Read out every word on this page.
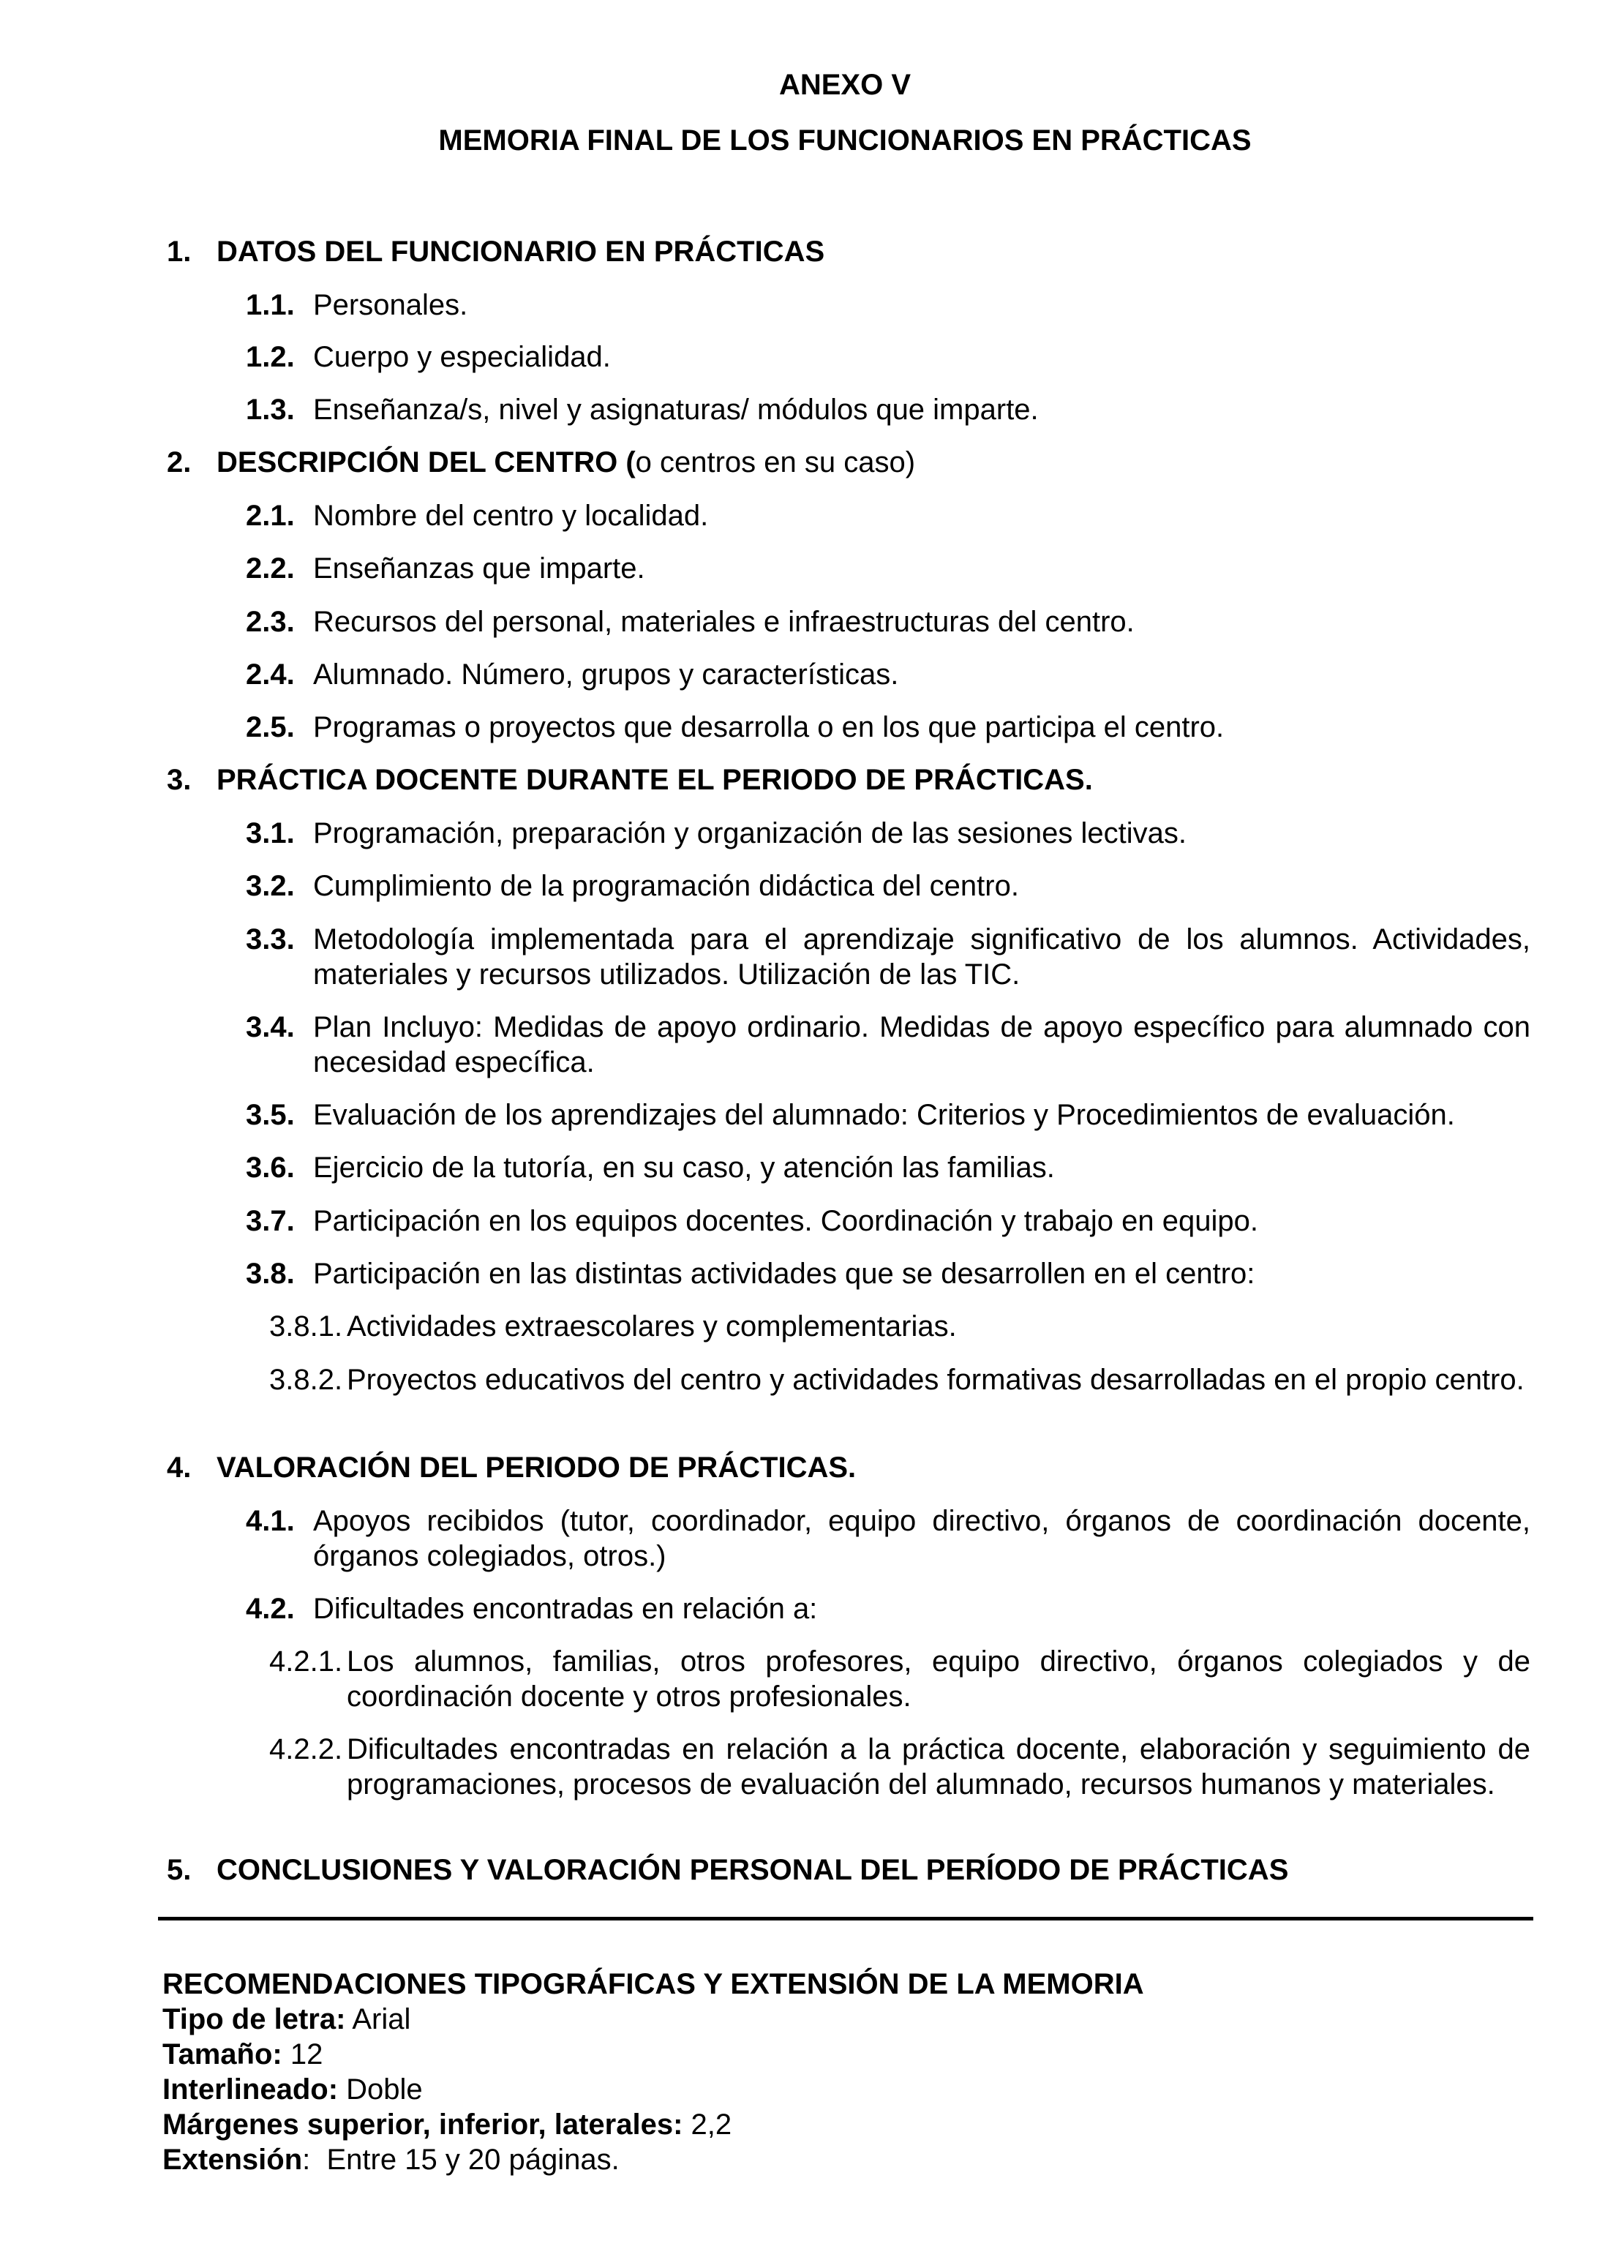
ANEXO V
MEMORIA FINAL DE LOS FUNCIONARIOS EN PRÁCTICAS
1. DATOS DEL FUNCIONARIO EN PRÁCTICAS
1.1. Personales.
1.2. Cuerpo y especialidad.
1.3. Enseñanza/s, nivel y asignaturas/ módulos que imparte.
2. DESCRIPCIÓN DEL CENTRO (o centros en su caso)
2.1. Nombre del centro y localidad.
2.2. Enseñanzas que imparte.
2.3. Recursos del personal, materiales e infraestructuras del centro.
2.4. Alumnado. Número, grupos y características.
2.5. Programas o proyectos que desarrolla o en los que participa el centro.
3. PRÁCTICA DOCENTE DURANTE EL PERIODO DE PRÁCTICAS.
3.1. Programación, preparación y organización de las sesiones lectivas.
3.2. Cumplimiento de la programación didáctica del centro.
3.3. Metodología implementada para el aprendizaje significativo de los alumnos. Actividades, materiales y recursos utilizados. Utilización de las TIC.
3.4. Plan Incluyo: Medidas de apoyo ordinario. Medidas de apoyo específico para alumnado con necesidad específica.
3.5. Evaluación de los aprendizajes del alumnado: Criterios y Procedimientos de evaluación.
3.6. Ejercicio de la tutoría, en su caso, y atención las familias.
3.7. Participación en los equipos docentes. Coordinación y trabajo en equipo.
3.8. Participación en las distintas actividades que se desarrollen en el centro:
3.8.1. Actividades extraescolares y complementarias.
3.8.2. Proyectos educativos del centro y actividades formativas desarrolladas en el propio centro.
4. VALORACIÓN DEL PERIODO DE PRÁCTICAS.
4.1. Apoyos recibidos (tutor, coordinador, equipo directivo, órganos de coordinación docente, órganos colegiados, otros.)
4.2. Dificultades encontradas en relación a:
4.2.1. Los alumnos, familias, otros profesores, equipo directivo, órganos colegiados y de coordinación docente y otros profesionales.
4.2.2. Dificultades encontradas en relación a la práctica docente, elaboración y seguimiento de programaciones, procesos de evaluación del alumnado, recursos humanos y materiales.
5. CONCLUSIONES Y VALORACIÓN PERSONAL DEL PERÍODO DE PRÁCTICAS
RECOMENDACIONES TIPOGRÁFICAS Y EXTENSIÓN DE LA MEMORIA
Tipo de letra: Arial
Tamaño: 12
Interlineado: Doble
Márgenes superior, inferior, laterales: 2,2
Extensión:  Entre 15 y 20 páginas.
